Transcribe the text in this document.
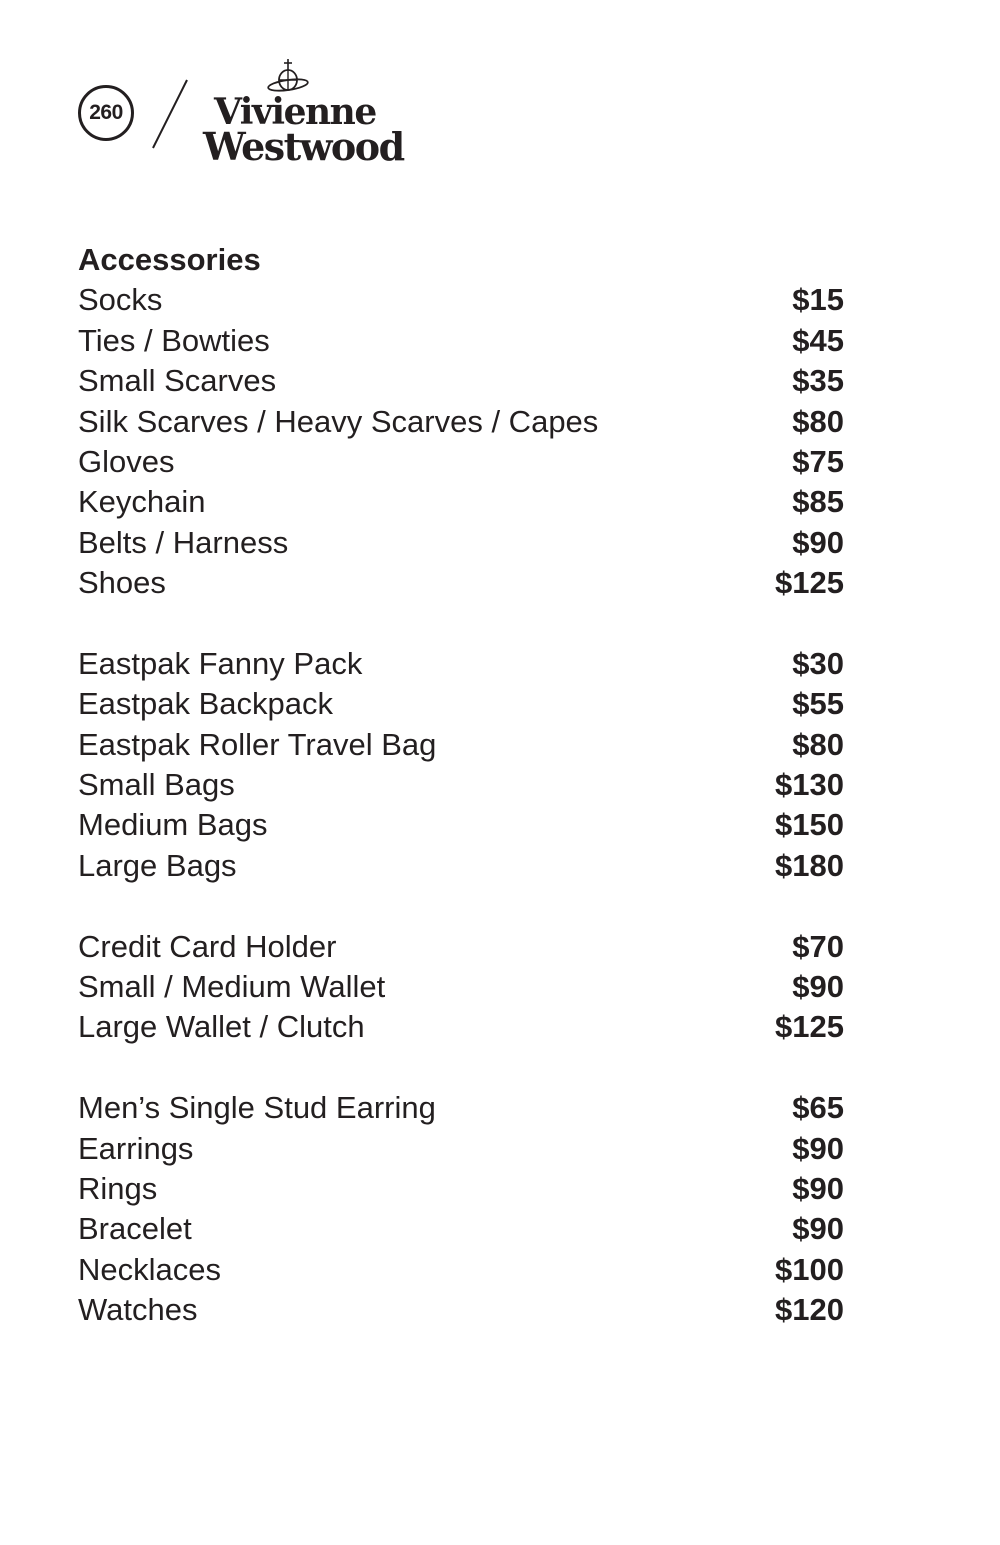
260	Vivienne
Westwood
Accessories
Socks	$15
Ties / Bowties	$45
Small Scarves	$35
Silk Scarves / Heavy Scarves / Capes	$80
Gloves	$75
Keychain	$85
Belts / Harness	$90
Shoes	$125
Eastpak Fanny Pack	$30
Eastpak Backpack	$55
Eastpak Roller Travel Bag	$80
Small Bags	$130
Medium Bags	$150
Large Bags	$180
Credit Card Holder	$70
Small / Medium Wallet	$90
Large Wallet / Clutch	$125
Men’s Single Stud Earring	$65
Earrings	$90
Rings	$90
Bracelet	$90
Necklaces	$100
Watches	$120
